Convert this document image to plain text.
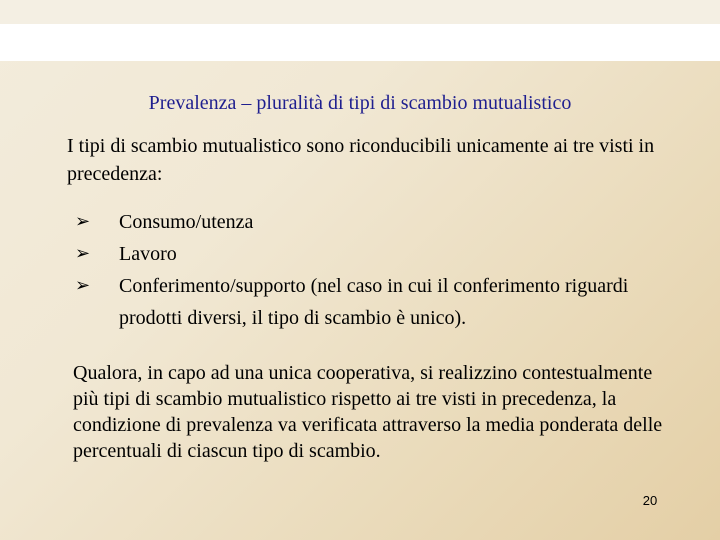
Prevalenza – pluralità di tipi di scambio mutualistico
I tipi di scambio mutualistico sono riconducibili unicamente ai tre visti in precedenza:
➢ Consumo/utenza
➢ Lavoro
➢ Conferimento/supporto (nel caso in cui il conferimento riguardi prodotti diversi, il tipo di scambio è unico).
Qualora, in capo ad una unica cooperativa, si realizzino contestualmente più tipi di scambio mutualistico rispetto ai tre visti in precedenza, la condizione di prevalenza va verificata attraverso la media ponderata delle percentuali di ciascun tipo di scambio.
20
